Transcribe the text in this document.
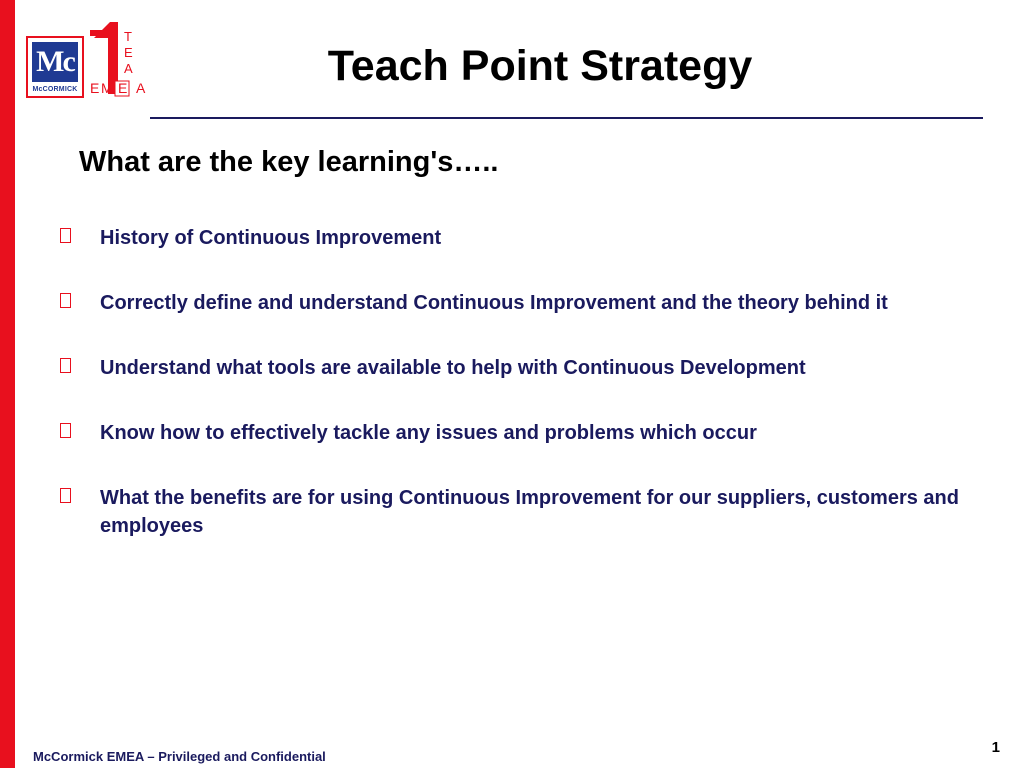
Mc
McCORMICK
T
E
A
E M E A	Teach Point Strategy
What are the key learning's…..
History of Continuous Improvement
Correctly define and understand Continuous Improvement and the theory behind it
Understand what tools are available to help with Continuous Development
Know how to effectively tackle any issues and problems which occur
What the benefits are for using Continuous Improvement for our suppliers, customers and employees
McCormick EMEA – Privileged and Confidential
1
